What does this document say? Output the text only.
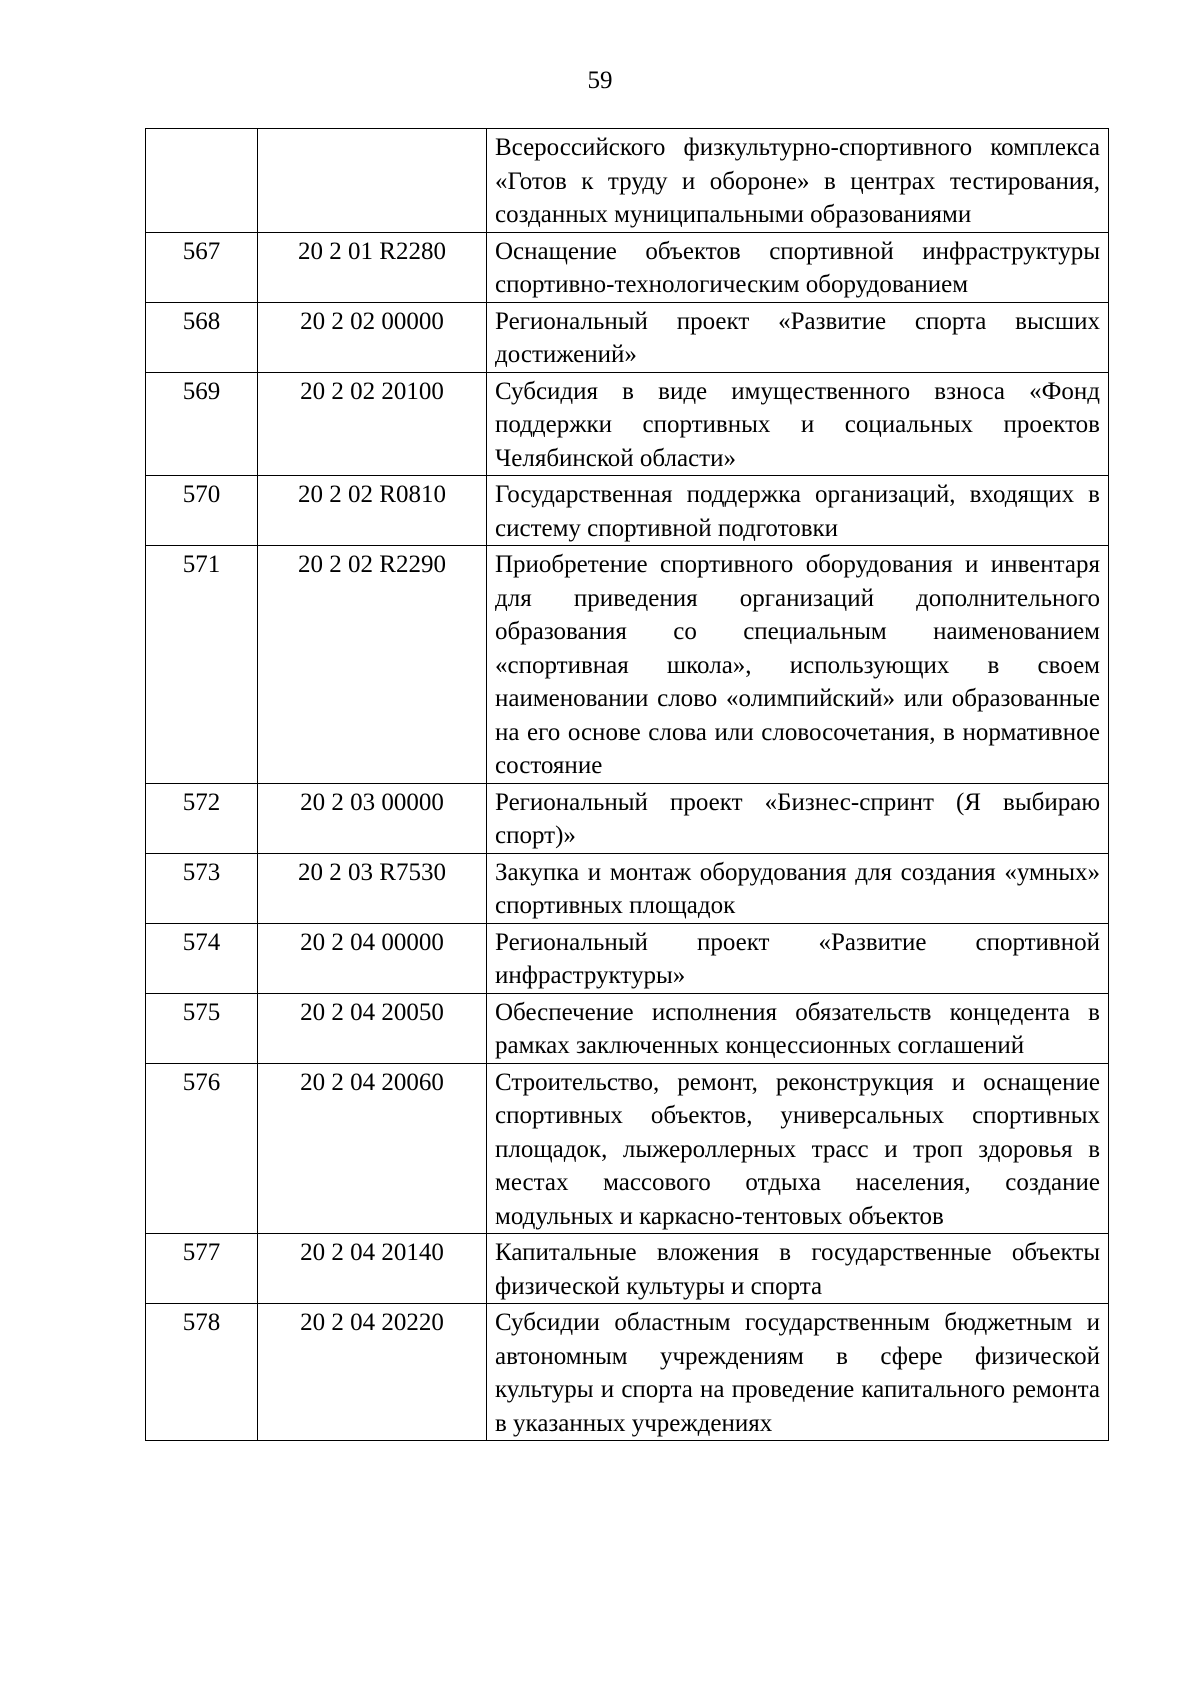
59
		Всероссийского физкультурно-спортивного комплекса «Готов к труду и обороне» в центрах тестирования, созданных муниципальными образованиями
567	20 2 01 R2280	Оснащение объектов спортивной инфраструктуры спортивно-технологическим оборудованием
568	20 2 02 00000	Региональный проект «Развитие спорта высших достижений»
569	20 2 02 20100	Субсидия в виде имущественного взноса «Фонд поддержки спортивных и социальных проектов Челябинской области»
570	20 2 02 R0810	Государственная поддержка организаций, входящих в систему спортивной подготовки
571	20 2 02 R2290	Приобретение спортивного оборудования и инвентаря для приведения организаций дополнительного образования со специальным наименованием «спортивная школа», использующих в своем наименовании слово «олимпийский» или образованные на его основе слова или словосочетания, в нормативное состояние
572	20 2 03 00000	Региональный проект «Бизнес-спринт (Я выбираю спорт)»
573	20 2 03 R7530	Закупка и монтаж оборудования для создания «умных» спортивных площадок
574	20 2 04 00000	Региональный проект «Развитие спортивной инфраструктуры»
575	20 2 04 20050	Обеспечение исполнения обязательств концедента в рамках заключенных концессионных соглашений
576	20 2 04 20060	Строительство, ремонт, реконструкция и оснащение спортивных объектов, универсальных спортивных площадок, лыжероллерных трасс и троп здоровья в местах массового отдыха населения, создание модульных и каркасно-тентовых объектов
577	20 2 04 20140	Капитальные вложения в государственные объекты физической культуры и спорта
578	20 2 04 20220	Субсидии областным государственным бюджетным и автономным учреждениям в сфере физической культуры и спорта на проведение капитального ремонта в указанных учреждениях
